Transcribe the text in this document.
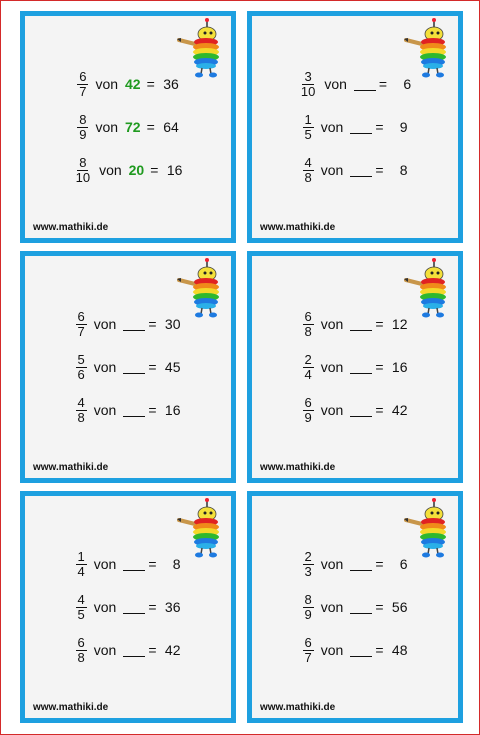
$\frac{6}{7}$ von 42 = 36
$\frac{8}{9}$ von 72 = 64
$\frac{8}{10}$ von 20 = 16
www.mathiki.de
$\frac{3}{10}$ von =	6
$\frac{1}{5}$ von =	9
$\frac{4}{8}$ von =	8
www.mathiki.de
$\frac{6}{7}$ von = 30
$\frac{5}{6}$ von = 45
$\frac{4}{8}$ von = 16
www.mathiki.de
$\frac{6}{8}$ von = 12
$\frac{2}{4}$ von = 16
$\frac{6}{9}$ von = 42
www.mathiki.de
$\frac{1}{4}$ von =	8
$\frac{4}{5}$ von = 36
$\frac{6}{8}$ von = 42
www.mathiki.de
$\frac{2}{3}$ von =	6
$\frac{8}{9}$ von = 56
$\frac{6}{7}$ von = 48
www.mathiki.de
